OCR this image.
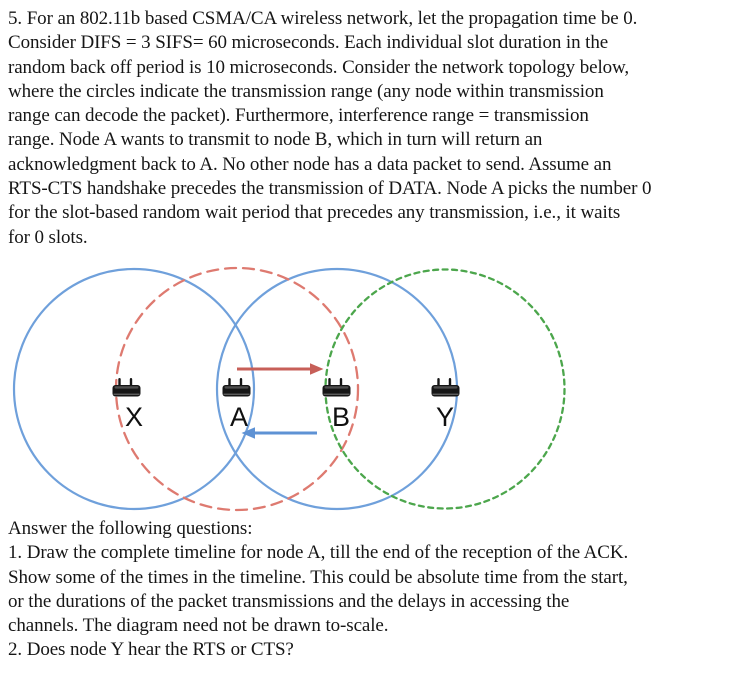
5. For an 802.11b based CSMA/CA wireless network, let the propagation time be 0.
Consider DIFS = 3 SIFS= 60 microseconds. Each individual slot duration in the
random back off period is 10 microseconds. Consider the network topology below,
where the circles indicate the transmission range (any node within transmission
range can decode the packet). Furthermore, interference range = transmission
range. Node A wants to transmit to node B, which in turn will return an
acknowledgment back to A. No other node has a data packet to send. Assume an
RTS-CTS handshake precedes the transmission of DATA. Node A picks the number 0
for the slot-based random wait period that precedes any transmission, i.e., it waits
for 0 slots.
X	A	B	Y
Answer the following questions:
1. Draw the complete timeline for node A, till the end of the reception of the ACK.
Show some of the times in the timeline. This could be absolute time from the start,
or the durations of the packet transmissions and the delays in accessing the
channels. The diagram need not be drawn to-scale.
2. Does node Y hear the RTS or CTS?
